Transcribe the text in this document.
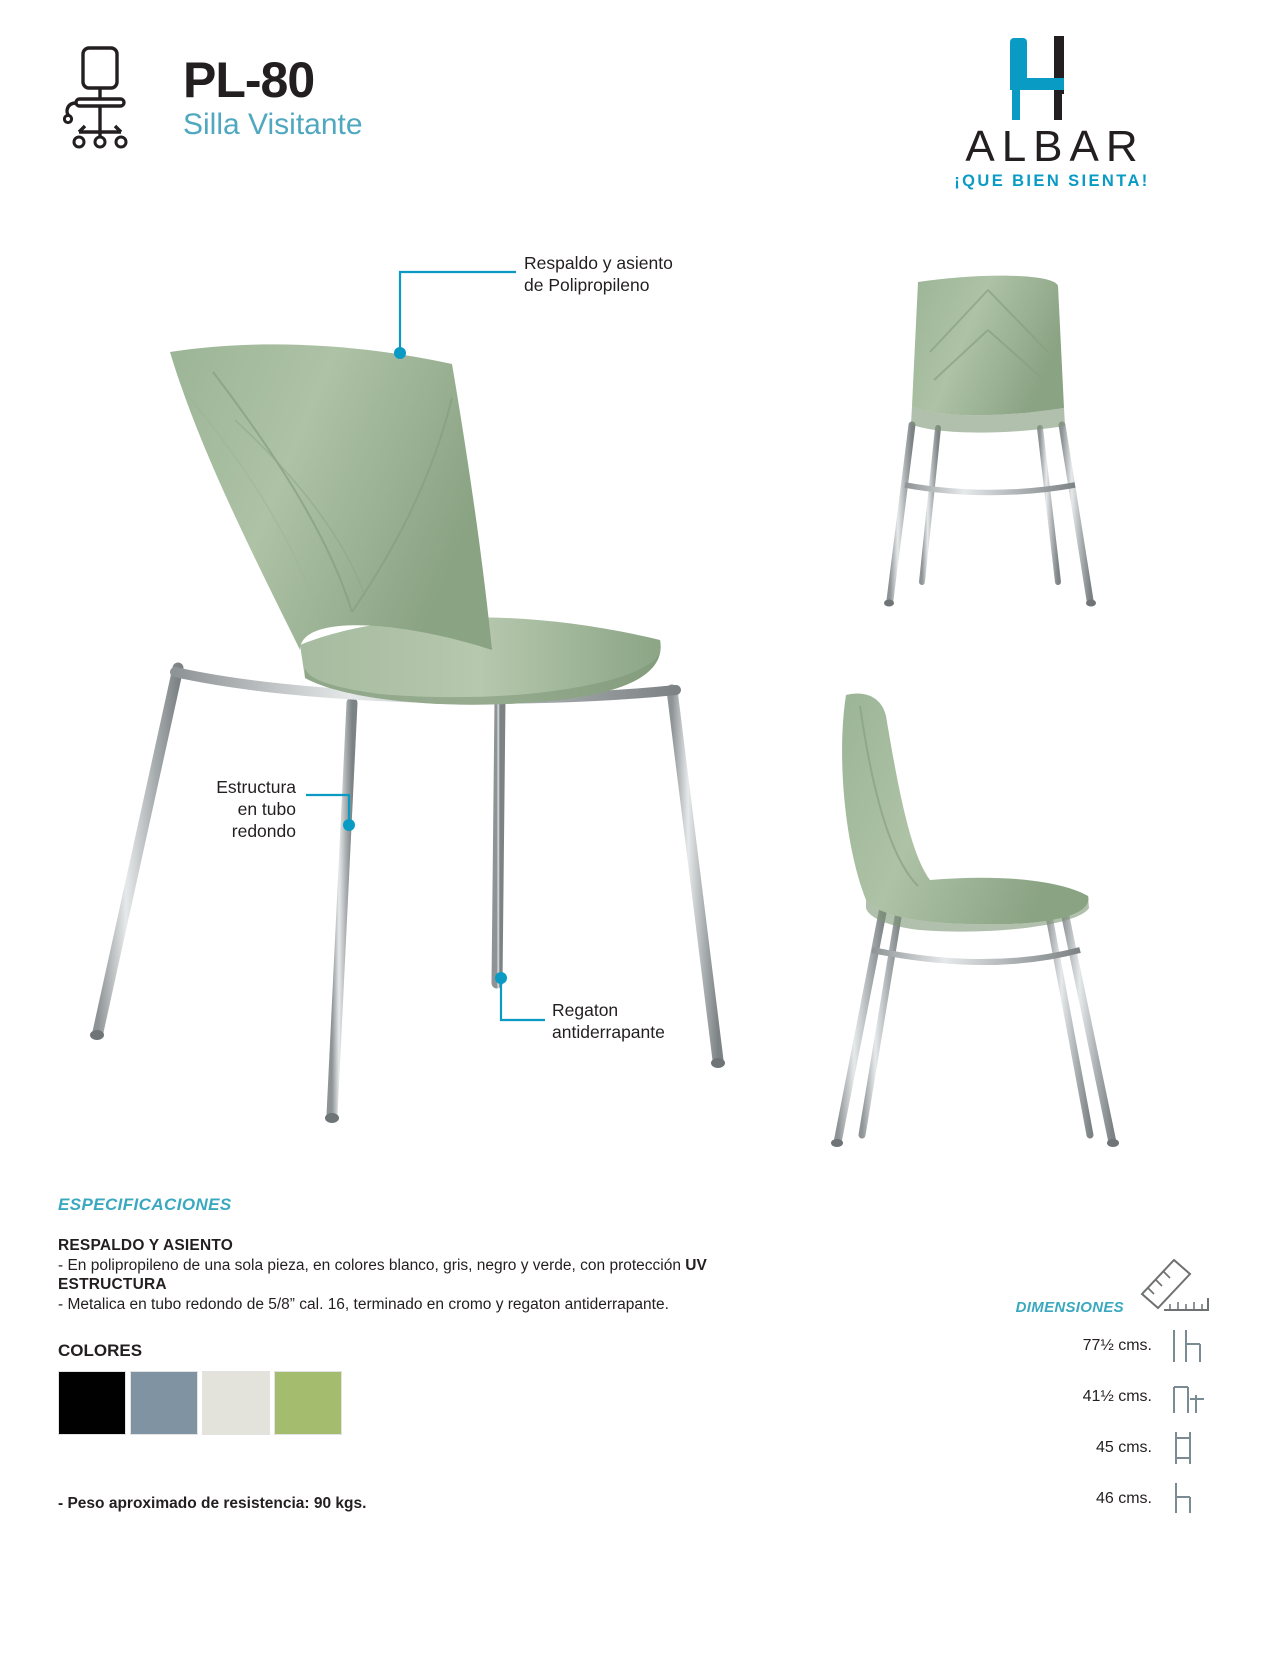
PL-80

Silla Visitante	ALBAR

¡QUE BIEN SIENTA!

Respaldo y asiento
de Polipropileno
Estructura
en tubo
redondo
Regaton
antiderrapante

ESPECIFICACIONES

RESPALDO Y ASIENTO

- En polipropileno de una sola pieza, en colores blanco, gris, negro y verde, con protección UV

ESTRUCTURA

- Metalica en tubo redondo de 5/8” cal. 16, terminado en cromo y regaton antiderrapante.

COLORES

- Peso aproximado de resistencia: 90 kgs.

DIMENSIONES
77½ cms.
41½ cms.
45 cms.
46 cms.
